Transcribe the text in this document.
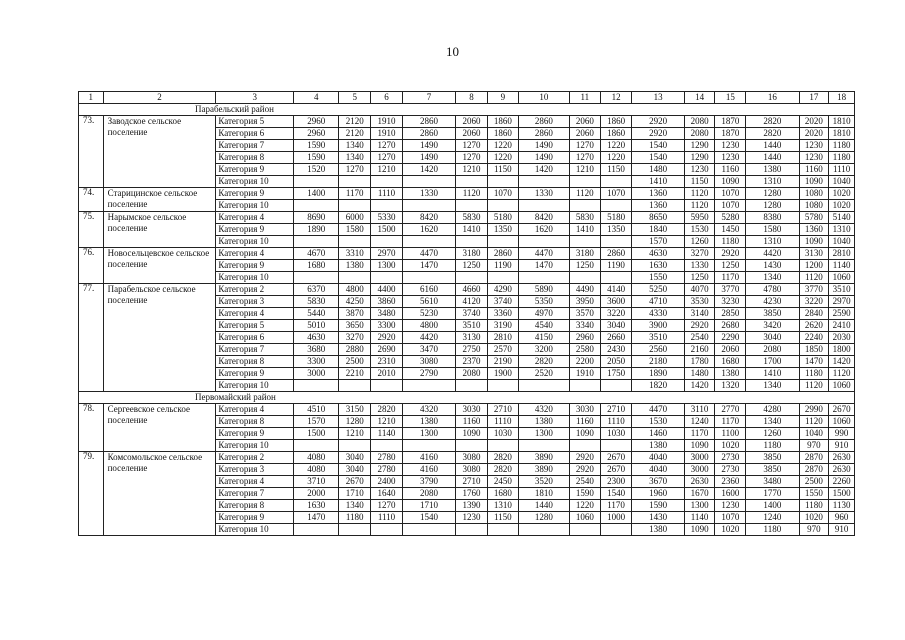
10
1	2	3	4	5	6	7	8	9	10	11	12	13	14	15	16	17	18
Парабельский район																	
73.	Заводское сельское поселение	Категория 5	2960	2120	1910	2860	2060	1860	2860	2060	1860	2920	2080	1870	2820	2020	1810
		Категория 6	2960	2120	1910	2860	2060	1860	2860	2060	1860	2920	2080	1870	2820	2020	1810
		Категория 7	1590	1340	1270	1490	1270	1220	1490	1270	1220	1540	1290	1230	1440	1230	1180
		Категория 8	1590	1340	1270	1490	1270	1220	1490	1270	1220	1540	1290	1230	1440	1230	1180
		Категория 9	1520	1270	1210	1420	1210	1150	1420	1210	1150	1480	1230	1160	1380	1160	1110
		Категория 10										1410	1150	1090	1310	1090	1040
74.	Старицинское сельское поселение	Категория 9	1400	1170	1110	1330	1120	1070	1330	1120	1070	1360	1120	1070	1280	1080	1020
		Категория 10										1360	1120	1070	1280	1080	1020
75.	Нарымское сельское поселение	Категория 4	8690	6000	5330	8420	5830	5180	8420	5830	5180	8650	5950	5280	8380	5780	5140
		Категория 9	1890	1580	1500	1620	1410	1350	1620	1410	1350	1840	1530	1450	1580	1360	1310
		Категория 10										1570	1260	1180	1310	1090	1040
76.	Новосельцевское сельское поселение	Категория 4	4670	3310	2970	4470	3180	2860	4470	3180	2860	4630	3270	2920	4420	3130	2810
		Категория 9	1680	1380	1300	1470	1250	1190	1470	1250	1190	1630	1330	1250	1430	1200	1140
		Категория 10										1550	1250	1170	1340	1120	1060
77.	Парабельское сельское поселение	Категория 2	6370	4800	4400	6160	4660	4290	5890	4490	4140	5250	4070	3770	4780	3770	3510
		Категория 3	5830	4250	3860	5610	4120	3740	5350	3950	3600	4710	3530	3230	4230	3220	2970
		Категория 4	5440	3870	3480	5230	3740	3360	4970	3570	3220	4330	3140	2850	3850	2840	2590
		Категория 5	5010	3650	3300	4800	3510	3190	4540	3340	3040	3900	2920	2680	3420	2620	2410
		Категория 6	4630	3270	2920	4420	3130	2810	4150	2960	2660	3510	2540	2290	3040	2240	2030
		Категория 7	3680	2880	2690	3470	2750	2570	3200	2580	2430	2560	2160	2060	2080	1850	1800
		Категория 8	3300	2500	2310	3080	2370	2190	2820	2200	2050	2180	1780	1680	1700	1470	1420
		Категория 9	3000	2210	2010	2790	2080	1900	2520	1910	1750	1890	1480	1380	1410	1180	1120
		Категория 10										1820	1420	1320	1340	1120	1060
Первомайский район																	
78.	Сергеевское сельское поселение	Категория 4	4510	3150	2820	4320	3030	2710	4320	3030	2710	4470	3110	2770	4280	2990	2670
		Категория 8	1570	1280	1210	1380	1160	1110	1380	1160	1110	1530	1240	1170	1340	1120	1060
		Категория 9	1500	1210	1140	1300	1090	1030	1300	1090	1030	1460	1170	1100	1260	1040	990
		Категория 10										1380	1090	1020	1180	970	910
79.	Комсомольское сельское поселение	Категория 2	4080	3040	2780	4160	3080	2820	3890	2920	2670	4040	3000	2730	3850	2870	2630
		Категория 3	4080	3040	2780	4160	3080	2820	3890	2920	2670	4040	3000	2730	3850	2870	2630
		Категория 4	3710	2670	2400	3790	2710	2450	3520	2540	2300	3670	2630	2360	3480	2500	2260
		Категория 7	2000	1710	1640	2080	1760	1680	1810	1590	1540	1960	1670	1600	1770	1550	1500
		Категория 8	1630	1340	1270	1710	1390	1310	1440	1220	1170	1590	1300	1230	1400	1180	1130
		Категория 9	1470	1180	1110	1540	1230	1150	1280	1060	1000	1430	1140	1070	1240	1020	960
		Категория 10										1380	1090	1020	1180	970	910
